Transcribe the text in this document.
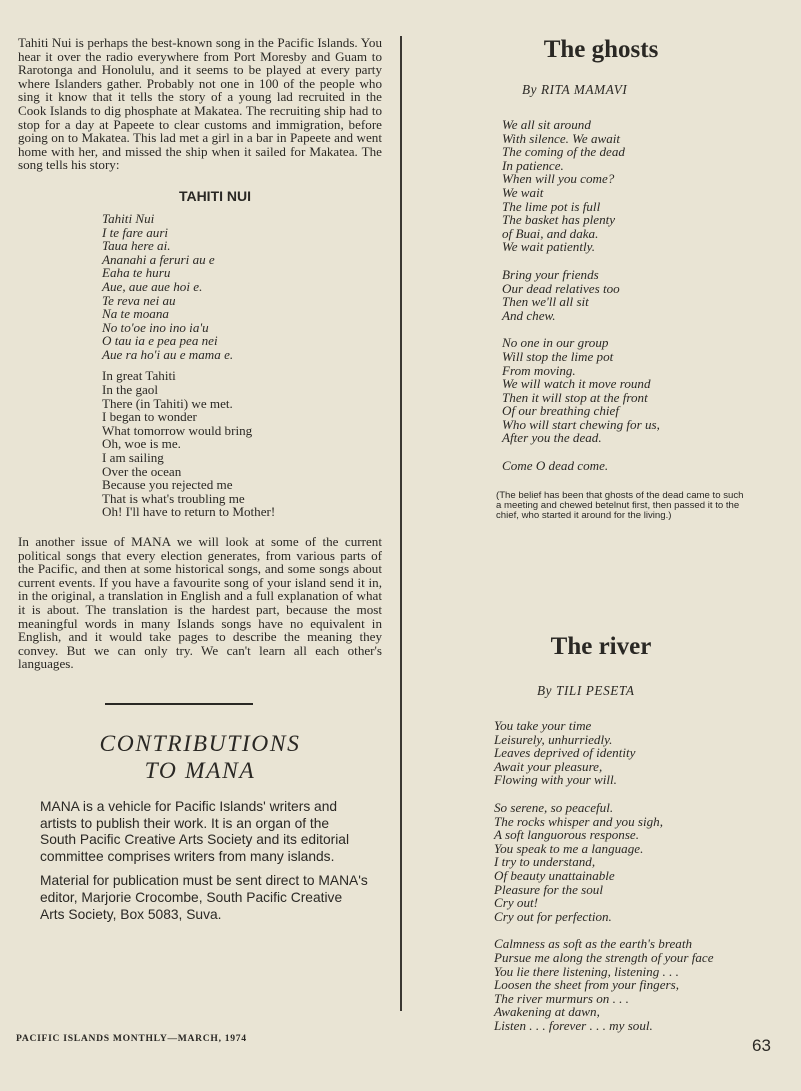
Tahiti Nui is perhaps the best-known song in the Pacific Islands. You hear it over the radio everywhere from Port Moresby and Guam to Rarotonga and Honolulu, and it seems to be played at every party where Islanders gather. Probably not one in 100 of the people who sing it know that it tells the story of a young lad recruited in the Cook Islands to dig phosphate at Makatea. The recruiting ship had to stop for a day at Papeete to clear customs and immigration, before going on to Makatea. This lad met a girl in a bar in Papeete and went home with her, and missed the ship when it sailed for Makatea. The song tells his story:

TAHITI NUI
Tahiti Nui
I te fare auri
Taua here ai.
Ananahi a feruri au e
Eaha te huru
Aue, aue aue hoi e.
Te reva nei au
Na te moana
No to'oe ino ino ia'u
O tau ia e pea pea nei
Aue ra ho'i au e mama e.
In great Tahiti
In the gaol
There (in Tahiti) we met.
I began to wonder
What tomorrow would bring
Oh, woe is me.
I am sailing
Over the ocean
Because you rejected me
That is what's troubling me
Oh! I'll have to return to Mother!

In another issue of MANA we will look at some of the current political songs that every election generates, from various parts of the Pacific, and then at some historical songs, and some songs about current events. If you have a favourite song of your island send it in, in the original, a translation in English and a full explanation of what it is about. The translation is the hardest part, because the most meaningful words in many Islands songs have no equivalent in English, and it would take pages to describe the meaning they convey. But we can only try. We can't learn all each other's languages.

CONTRIBUTIONS
TO MANA

MANA is a vehicle for Pacific Islands' writers and artists to publish their work. It is an organ of the South Pacific Creative Arts Society and its editorial committee comprises writers from many islands.

Material for publication must be sent direct to MANA's editor, Marjorie Crocombe, South Pacific Creative Arts Society, Box 5083, Suva.

The ghosts
By RITA MAMAVI
We all sit around
With silence. We await
The coming of the dead
In patience.
When will you come?
We wait
The lime pot is full
The basket has plenty
of Buai, and daka.
We wait patiently.
Bring your friends
Our dead relatives too
Then we'll all sit
And chew.
No one in our group
Will stop the lime pot
From moving.
We will watch it move round
Then it will stop at the front
Of our breathing chief
Who will start chewing for us,
After you the dead.
Come O dead come.
(The belief has been that ghosts of the dead came to such a meeting and chewed betelnut first, then passed it to the chief, who started it around for the living.)
The river
By TILI PESETA
You take your time
Leisurely, unhurriedly.
Leaves deprived of identity
Await your pleasure,
Flowing with your will.
So serene, so peaceful.
The rocks whisper and you sigh,
A soft languorous response.
You speak to me a language.
I try to understand,
Of beauty unattainable
Pleasure for the soul
Cry out!
Cry out for perfection.
Calmness as soft as the earth's breath
Pursue me along the strength of your face
You lie there listening, listening . . .
Loosen the sheet from your fingers,
The river murmurs on . . .
Awakening at dawn,
Listen . . . forever . . . my soul.
PACIFIC ISLANDS MONTHLY—MARCH, 1974	63
